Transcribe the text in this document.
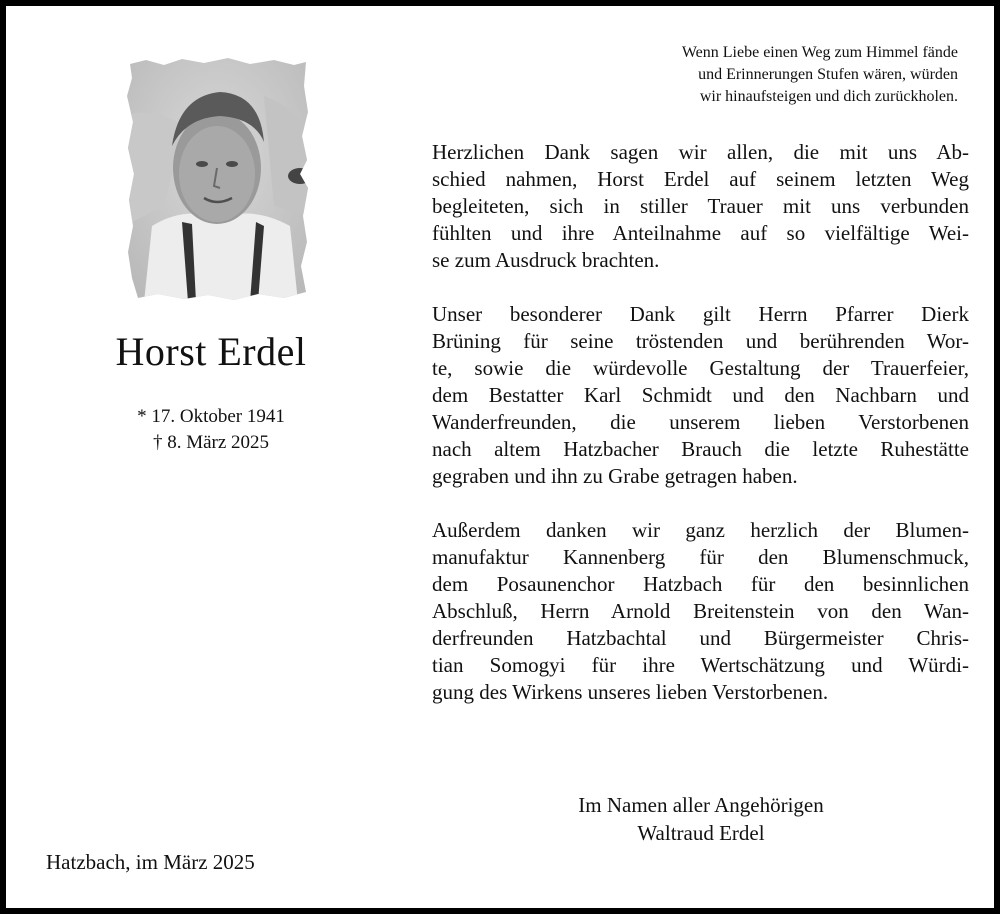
Horst Erdel
* 17. Oktober 1941
† 8. März 2025
Hatzbach, im März 2025
Wenn Liebe einen Weg zum Himmel fände
und Erinnerungen Stufen wären, würden
wir hinaufsteigen und dich zurückholen.
Herzlichen Dank sagen wir allen, die mit uns Ab-
schied nahmen, Horst Erdel auf seinem letzten Weg
begleiteten, sich in stiller Trauer mit uns verbunden
fühlten und ihre Anteilnahme auf so vielfältige Wei-
se zum Ausdruck brachten.
Unser besonderer Dank gilt Herrn Pfarrer Dierk
Brüning für seine tröstenden und berührenden Wor-
te, sowie die würdevolle Gestaltung der Trauerfeier,
dem Bestatter Karl Schmidt und den Nachbarn und
Wanderfreunden, die unserem lieben Verstorbenen
nach altem Hatzbacher Brauch die letzte Ruhestätte
gegraben und ihn zu Grabe getragen haben.
Außerdem danken wir ganz herzlich der Blumen-
manufaktur Kannenberg für den Blumenschmuck,
dem Posaunenchor Hatzbach für den besinnlichen
Abschluß, Herrn Arnold Breitenstein von den Wan-
derfreunden Hatzbachtal und Bürgermeister Chris-
tian Somogyi für ihre Wertschätzung und Würdi-
gung des Wirkens unseres lieben Verstorbenen.
Im Namen aller Angehörigen
Waltraud Erdel
